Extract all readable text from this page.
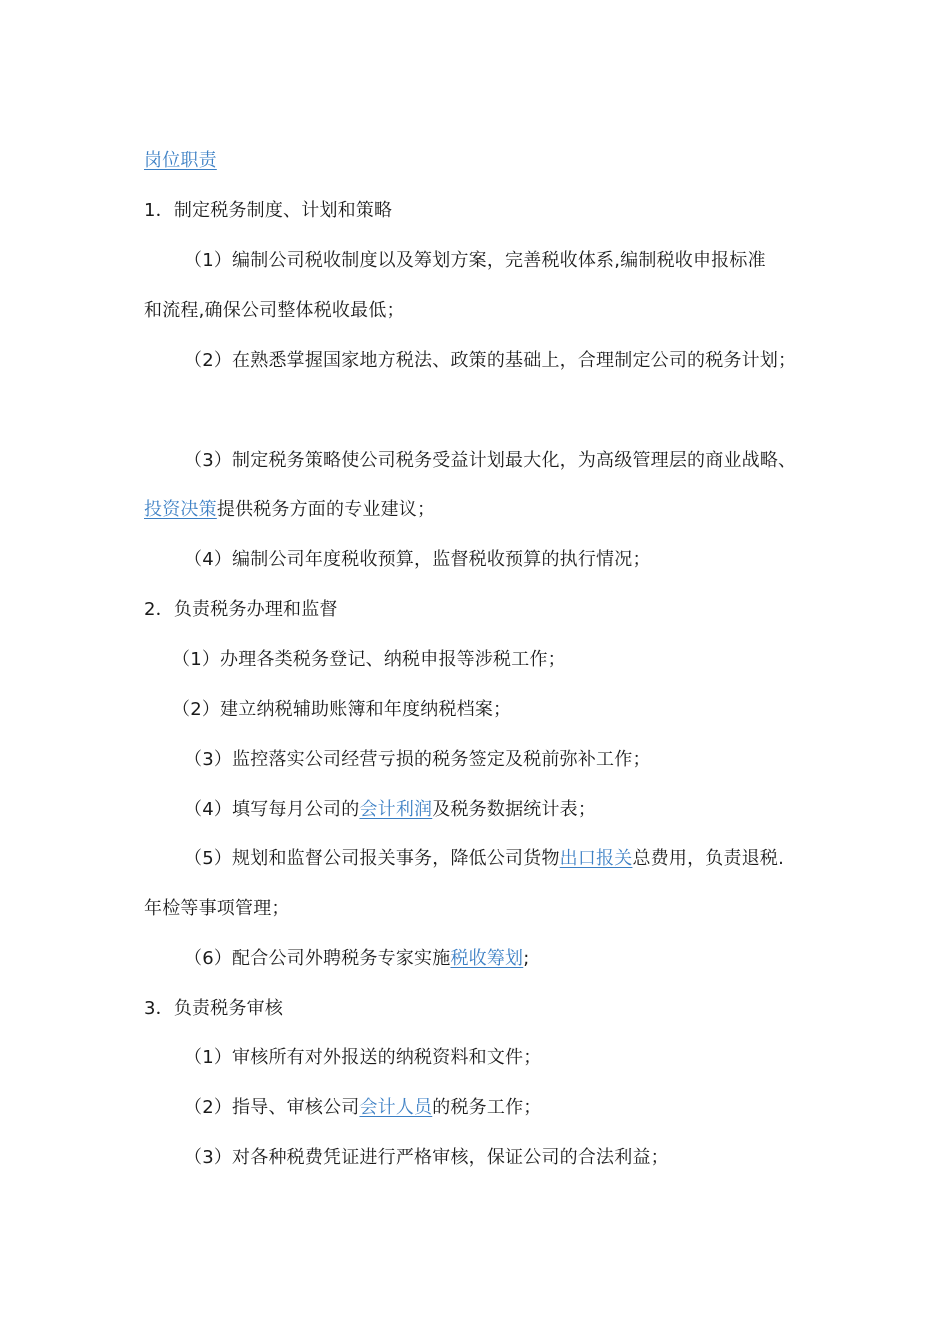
岗位职责
1．制定税务制度、计划和策略
（1）编制公司税收制度以及筹划方案，完善税收体系,编制税收申报标准
和流程,确保公司整体税收最低；
（2）在熟悉掌握国家地方税法、政策的基础上，合理制定公司的税务计划；
（3）制定税务策略使公司税务受益计划最大化，为高级管理层的商业战略、
投资决策提供税务方面的专业建议；
（4）编制公司年度税收预算，监督税收预算的执行情况；
2．负责税务办理和监督
（1）办理各类税务登记、纳税申报等涉税工作；
（2）建立纳税辅助账簿和年度纳税档案；
（3）监控落实公司经营亏损的税务签定及税前弥补工作；
（4）填写每月公司的会计利润及税务数据统计表；
（5）规划和监督公司报关事务，降低公司货物出口报关总费用，负责退税.
年检等事项管理；
（6）配合公司外聘税务专家实施税收筹划;
3．负责税务审核
（1）审核所有对外报送的纳税资料和文件；
（2）指导、审核公司会计人员的税务工作；
（3）对各种税费凭证进行严格审核，保证公司的合法利益；
